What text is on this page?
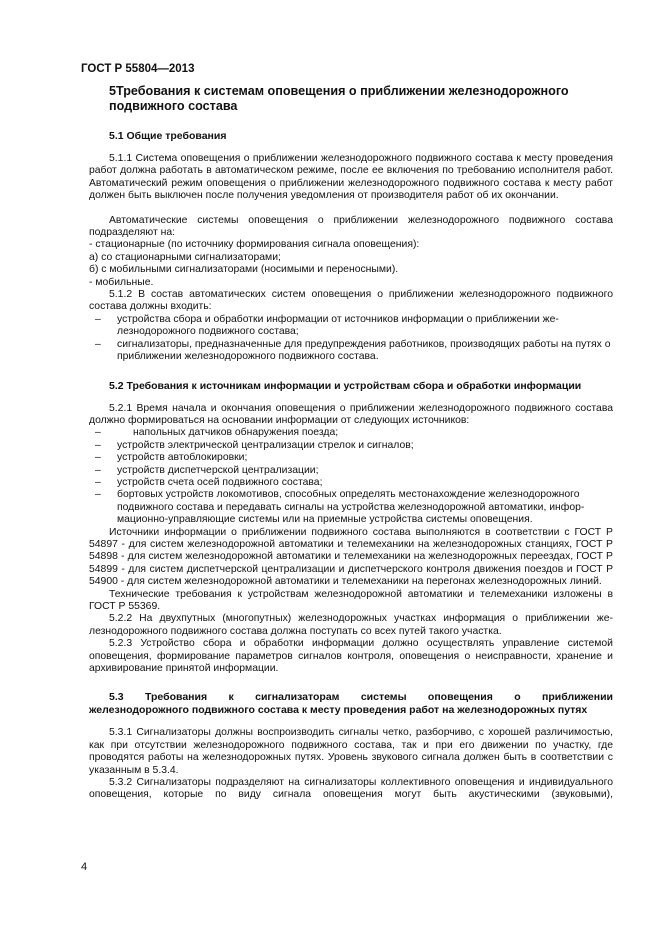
ГОСТ Р 55804—2013
5Требования к системам оповещения о приближении железнодорожного подвижного состава
5.1 Общие требования

5.1.1 Система оповещения о приближении железнодорожного подвижного состава к месту проведения работ должна работать в автоматическом режиме, после ее включения по требованию исполнителя работ. Автоматический режим оповещения о приближении железнодорожного подвижного состава к месту работ должен быть выключен после получения уведомления от производителя работ об их окончании.

Автоматические системы оповещения о приближении железнодорожного подвижного состава подразделяют на:

- стационарные (по источнику формирования сигнала оповещения):

а) со стационарными сигнализаторами;

б) с мобильными сигнализаторами (носимыми и переносными).

- мобильные.

5.1.2 В состав автоматических систем оповещения о приближении железнодорожного подвижного состава должны входить:

–	устройства сбора и обработки информации от источников информации о приближении железнодорожного подвижного состава;
–	сигнализаторы, предназначенные для предупреждения работников, производящих работы на путях о приближении железнодорожного подвижного состава.
5.2 Требования к источникам информации и устройствам сбора и обработки информации

5.2.1 Время начала и окончания оповещения о приближении железнодорожного подвижного состава должно формироваться на основании информации от следующих источников:

–	напольных датчиков обнаружения поезда;
–	устройств электрической централизации стрелок и сигналов;
–	устройств автоблокировки;
–	устройств диспетчерской централизации;
–	устройств счета осей подвижного состава;
–	бортовых устройств локомотивов, способных определять местонахождение железнодорожного подвижного состава и передавать сигналы на устройства железнодорожной автоматики, информационно-управляющие системы или на приемные устройства системы оповещения.

Источники информации о приближении подвижного состава выполняются в соответствии с ГОСТ Р 54897 - для систем железнодорожной автоматики и телемеханики на железнодорожных станциях, ГОСТ Р 54898 - для систем железнодорожной автоматики и телемеханики на железнодорожных переездах, ГОСТ Р 54899 - для систем диспетчерской централизации и диспетчерского контроля движения поездов и ГОСТ Р 54900 - для систем железнодорожной автоматики и телемеханики на перегонах железнодорожных линий.

Технические требования к устройствам железнодорожной автоматики и телемеханики изложены в ГОСТ Р 55369.

5.2.2 На двухпутных (многопутных) железнодорожных участках информация о приближении железнодорожного подвижного состава должна поступать со всех путей такого участка.

5.2.3 Устройство сбора и обработки информации должно осуществлять управление системой оповещения, формирование параметров сигналов контроля, оповещения о неисправности, хранение и архивирование принятой информации.

5.3 Требования к сигнализаторам системы оповещения о приближении
железнодорожного подвижного состава к месту проведения работ на железнодорожных путях

5.3.1 Сигнализаторы должны воспроизводить сигналы четко, разборчиво, с хорошей различимостью, как при отсутствии железнодорожного подвижного состава, так и при его движении по участку, где проводятся работы на железнодорожных путях. Уровень звукового сигнала должен быть в соответствии с указанным в 5.3.4.

5.3.2 Сигнализаторы подразделяют на сигнализаторы коллективного оповещения и индивидуального оповещения, которые по виду сигнала оповещения могут быть акустическими (звуковыми),

4
